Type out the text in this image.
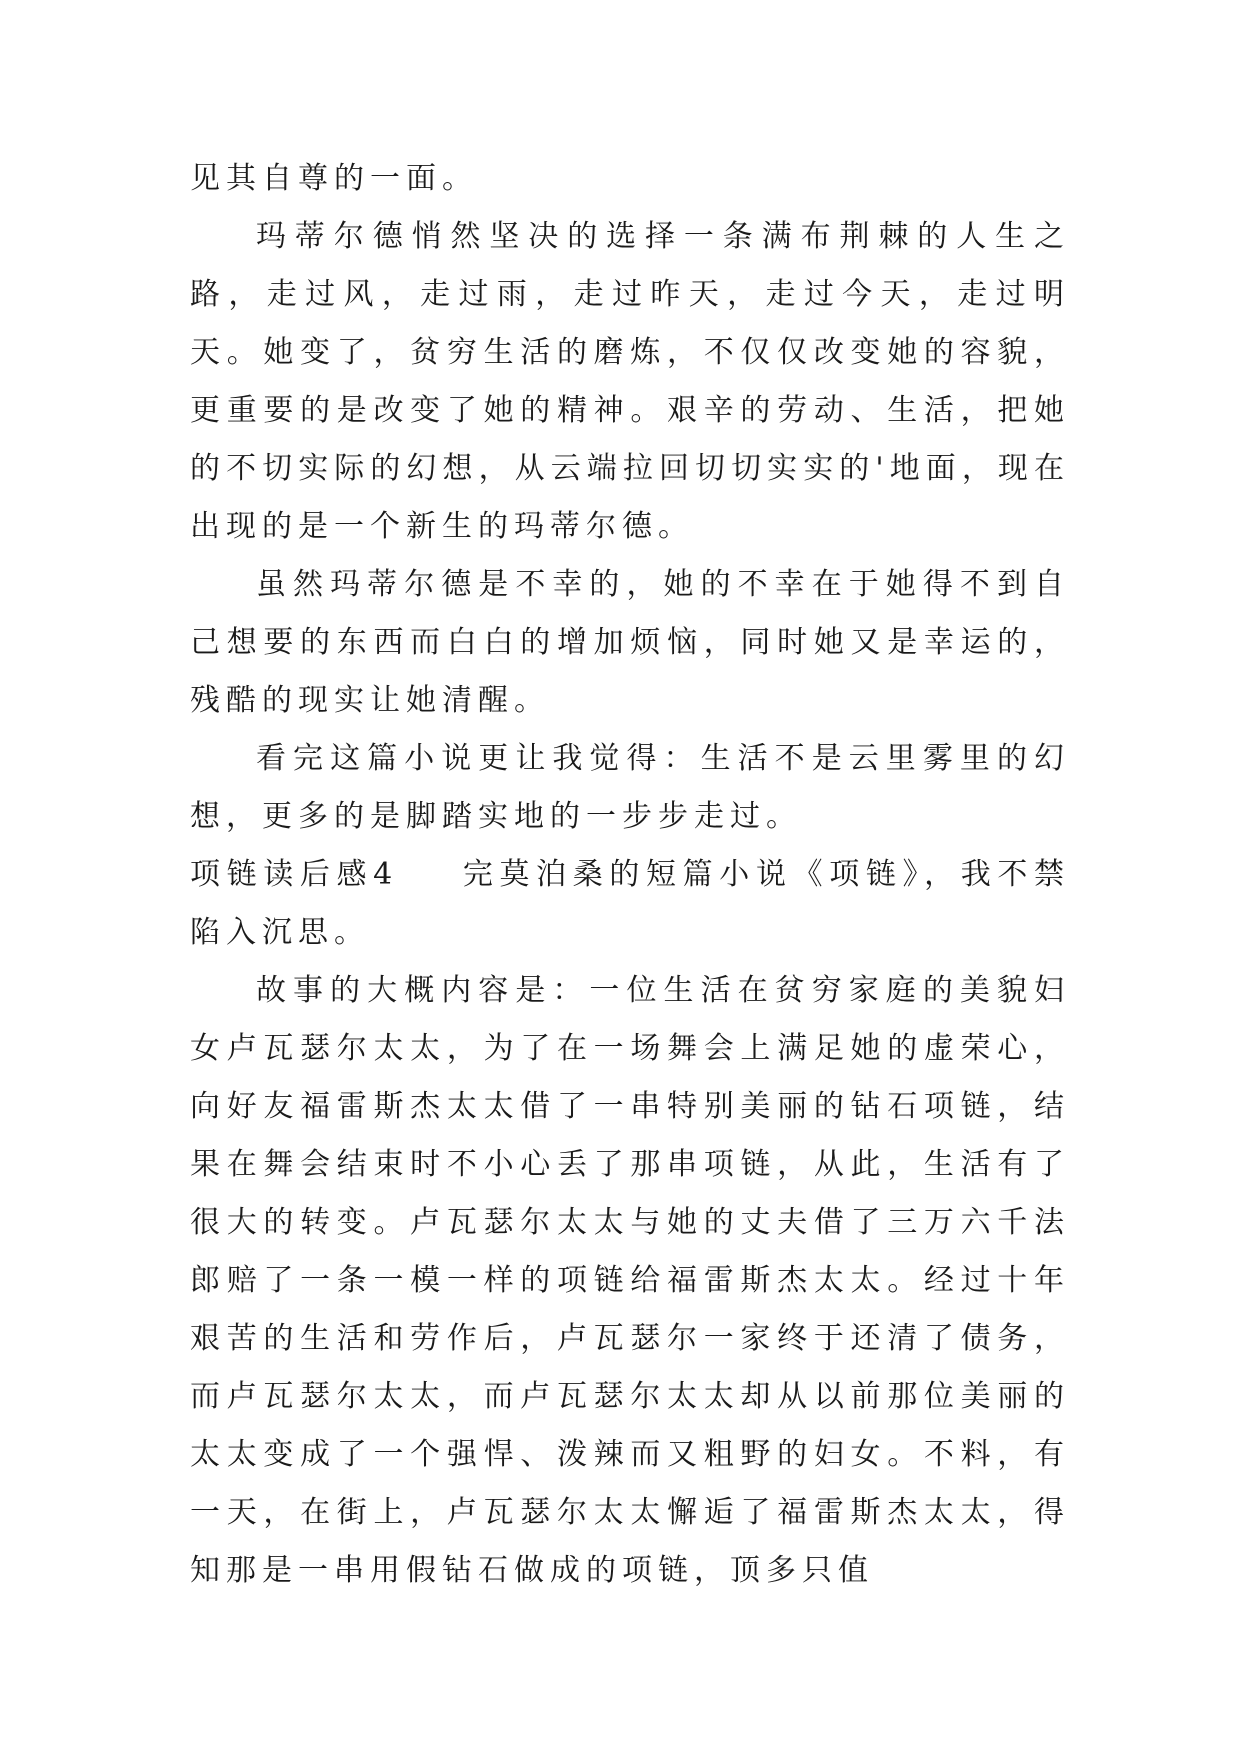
见其自尊的一面。

玛蒂尔德悄然坚决的选择一条满布荆棘的人生之路，走过风，走过雨，走过昨天，走过今天，走过明天。她变了，贫穷生活的磨炼，不仅仅改变她的容貌，更重要的是改变了她的精神。艰辛的劳动、生活，把她的不切实际的幻想，从云端拉回切切实实的'地面，现在出现的是一个新生的玛蒂尔德。

虽然玛蒂尔德是不幸的，她的不幸在于她得不到自己想要的东西而白白的增加烦恼，同时她又是幸运的，残酷的现实让她清醒。

看完这篇小说更让我觉得：生活不是云里雾里的幻想，更多的是脚踏实地的一步步走过。

项链读后感4 完莫泊桑的短篇小说《项链》，我不禁陷入沉思。

故事的大概内容是：一位生活在贫穷家庭的美貌妇女卢瓦瑟尔太太，为了在一场舞会上满足她的虚荣心，向好友福雷斯杰太太借了一串特别美丽的钻石项链，结果在舞会结束时不小心丢了那串项链，从此，生活有了很大的转变。卢瓦瑟尔太太与她的丈夫借了三万六千法郎赔了一条一模一样的项链给福雷斯杰太太。经过十年艰苦的生活和劳作后，卢瓦瑟尔一家终于还清了债务，而卢瓦瑟尔太太，而卢瓦瑟尔太太却从以前那位美丽的太太变成了一个强悍、泼辣而又粗野的妇女。不料，有一天，在街上，卢瓦瑟尔太太懈逅了福雷斯杰太太，得知那是一串用假钻石做成的项链，顶多只值
